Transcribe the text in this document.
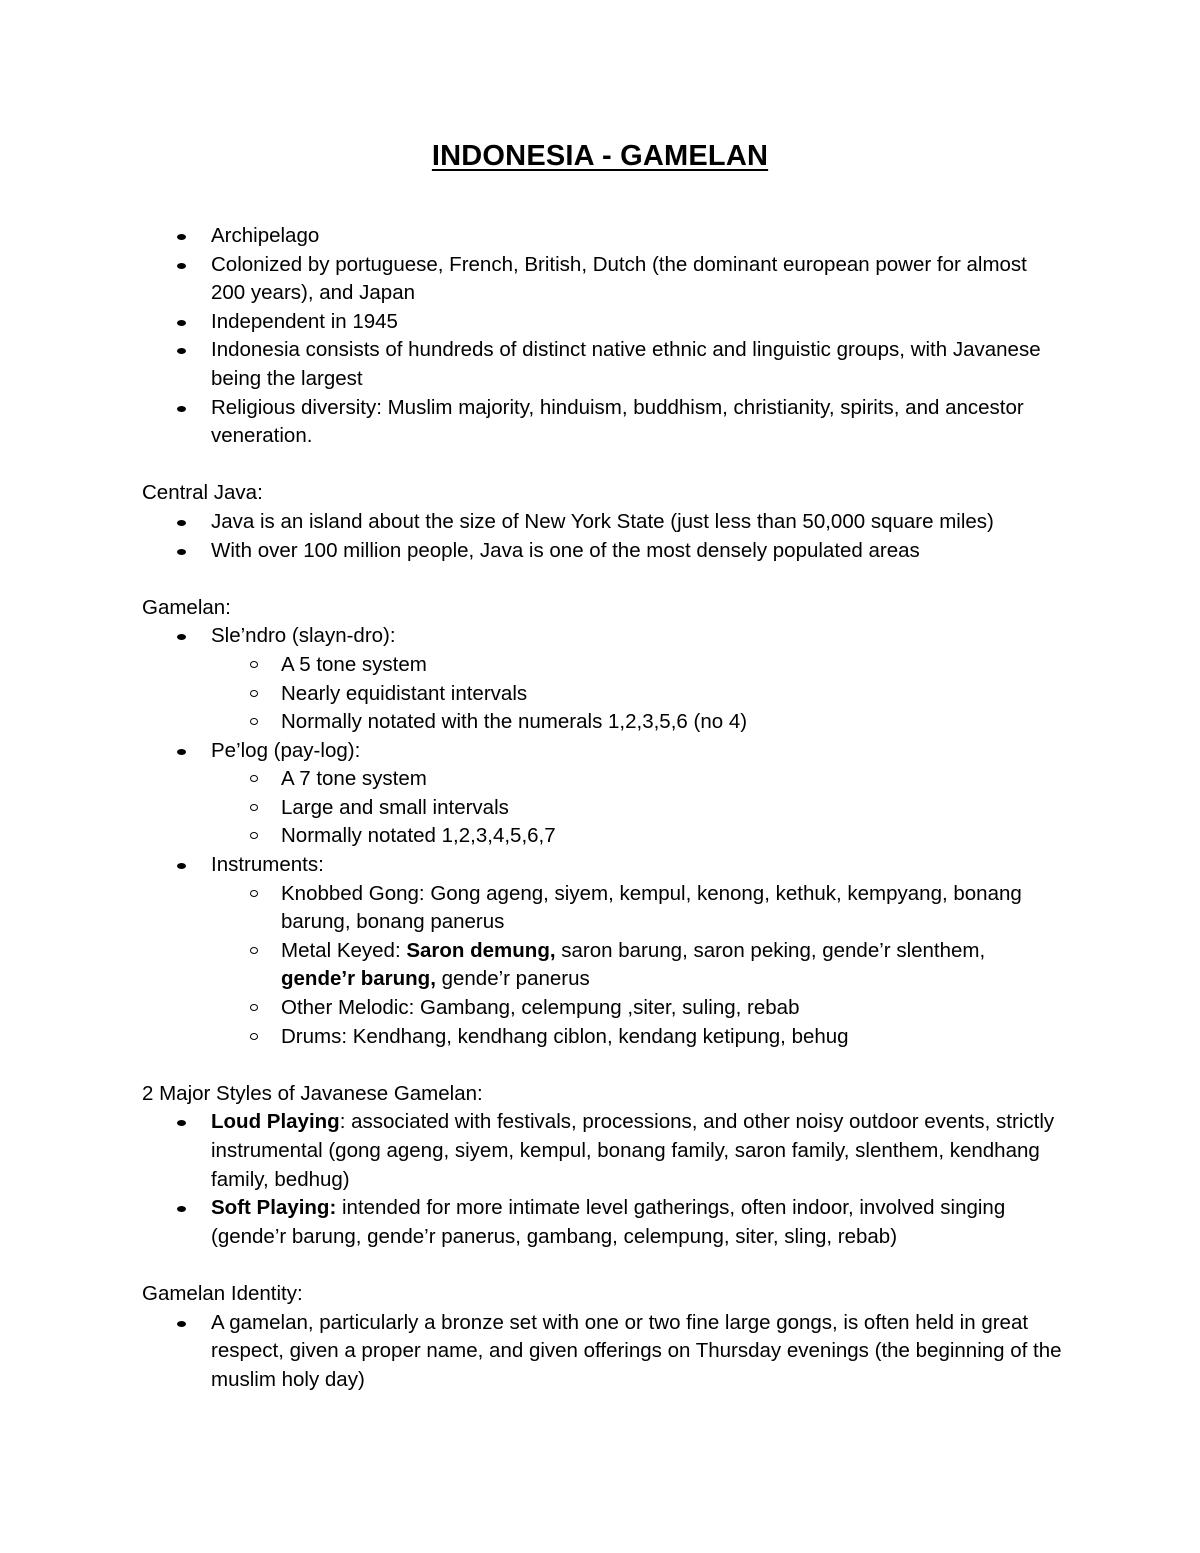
INDONESIA - GAMELAN
Archipelago
Colonized by portuguese, French, British, Dutch (the dominant european power for almost 200 years), and Japan
Independent in 1945
Indonesia consists of hundreds of distinct native ethnic and linguistic groups, with Javanese being the largest
Religious diversity: Muslim majority, hinduism, buddhism, christianity, spirits, and ancestor veneration.

Central Java:

Java is an island about the size of New York State (just less than 50,000 square miles)
With over 100 million people, Java is one of the most densely populated areas

Gamelan:

Sle’ndro (slayn-dro):
A 5 tone system
Nearly equidistant intervals
Normally notated with the numerals 1,2,3,5,6 (no 4)
Pe’log (pay-log):
A 7 tone system
Large and small intervals
Normally notated 1,2,3,4,5,6,7
Instruments:
Knobbed Gong: Gong ageng, siyem, kempul, kenong, kethuk, kempyang, bonang barung, bonang panerus
Metal Keyed: Saron demung, saron barung, saron peking, gende’r slenthem,
gende’r barung, gende’r panerus
Other Melodic: Gambang, celempung ,siter, suling, rebab
Drums: Kendhang, kendhang ciblon, kendang ketipung, behug

2 Major Styles of Javanese Gamelan:

Loud Playing: associated with festivals, processions, and other noisy outdoor events, strictly instrumental (gong ageng, siyem, kempul, bonang family, saron family, slenthem, kendhang family, bedhug)
Soft Playing: intended for more intimate level gatherings, often indoor, involved singing (gende’r barung, gende’r panerus, gambang, celempung, siter, sling, rebab)

Gamelan Identity:

A gamelan, particularly a bronze set with one or two fine large gongs, is often held in great respect, given a proper name, and given offerings on Thursday evenings (the beginning of the muslim holy day)
